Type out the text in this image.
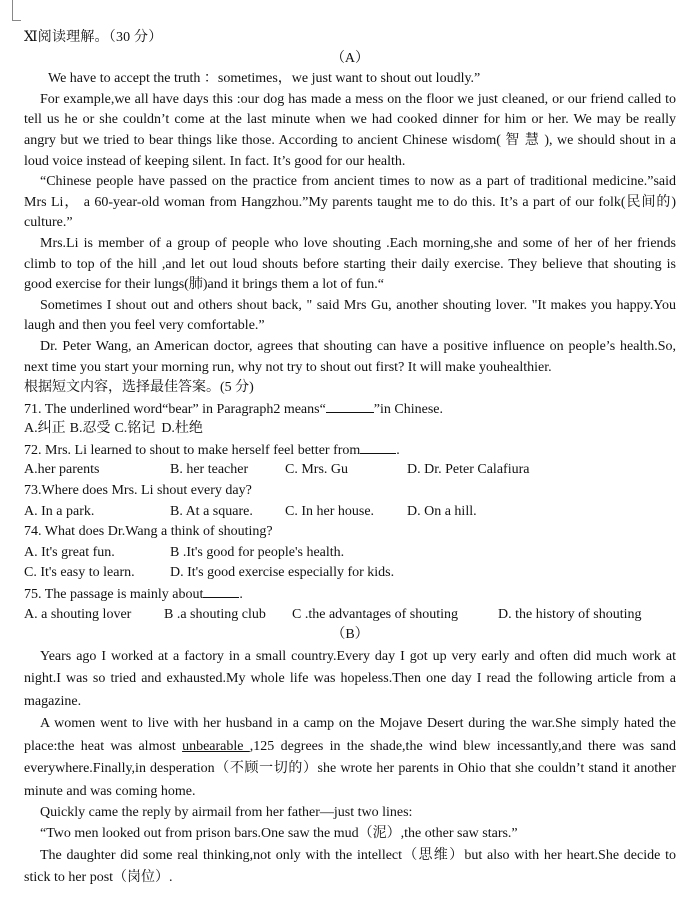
Ⅺ阅读理解。（30 分）
（A）
We have to accept the truth ：sometimes，we just want to shout out loudly.”
For example,we all have days this :our dog has made a mess on the floor we just cleaned, or our friend called to tell us he or she couldn’t come at the last minute when we had cooked dinner for him or her. We may be really angry but we tried to bear things like those. According to ancient Chinese wisdom( 智 慧 ), we should shout in a loud voice instead of keeping silent. In fact. It’s good for our health.
“Chinese people have passed on the practice from ancient times to now as a part of traditional medicine.”said Mrs Li， a 60-year-old woman from Hangzhou.”My parents taught me to do this. It’s a part of our folk(民间的) culture.”
Mrs.Li is member of a group of people who love shouting .Each morning,she and some of her of her friends climb to top of the hill ,and let out loud shouts before starting their daily exercise. They believe that shouting is good exercise for their lungs(肺)and it brings them a lot of fun.“
Sometimes I shout out and others shout back, " said Mrs Gu, another shouting lover. "It makes you happy.You laugh and then you feel very comfortable.”
Dr. Peter Wang, an American doctor, agrees that shouting can have a positive influence on people’s health.So, next time you start your morning run, why not try to shout out first? It will make youhealthier.
根据短文内容，选择最佳答案。(5 分)
71. The underlined word“bear” in Paragraph2 means“	”in Chinese.
A.纠正 B.忍受 C.铭记 D.杜绝
72. Mrs. Li learned to shout to make herself feel better from	.
A.her parents	B. her teacher	C. Mrs. Gu	D. Dr. Peter Calafiura
73.Where does Mrs. Li shout every day?
A. In a park.	B. At a square.	C. In her house.	D. On a hill.
74. What does Dr.Wang a think of shouting?
A. It's great fun.	B .It's good for people's health.
C. It's easy to learn.	D. It's good exercise especially for kids.
75. The passage is mainly about	.
A. a shouting lover	B .a shouting club	C .the advantages of shouting	D. the history of shouting
（B）
Years ago I worked at a factory in a small country.Every day I got up very early and often did much work at night.I was so tried and exhausted.My whole life was hopeless.Then one day I read the following article from a magazine.
A women went to live with her husband in a camp on the Mojave Desert during the war.She simply hated the place:the heat was almost unbearable ,125 degrees in the shade,the wind blew incessantly,and there was sand everywhere.Finally,in desperation（不顾一切的）she wrote her parents in Ohio that she couldn’t stand it another minute and was coming home.
Quickly came the reply by airmail from her father—just two lines:
“Two men looked out from prison bars.One saw the mud（泥）,the other saw stars.”
The daughter did some real thinking,not only with the intellect（思维）but also with her heart.She decide to stick to her post（岗位）.
